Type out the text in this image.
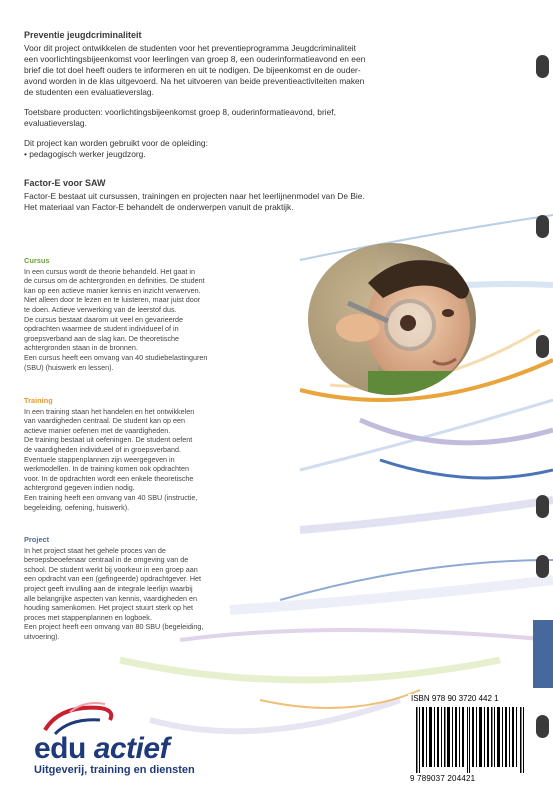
Preventie jeugdcriminaliteit

Voor dit project ontwikkelen de studenten voor het preventieprogramma Jeugdcriminaliteit
een voorlichtingsbijeenkomst voor leerlingen van groep 8, een ouderinformatieavond en een
brief die tot doel heeft ouders te informeren en uit te nodigen. De bijeenkomst en de ouder-
avond worden in de klas uitgevoerd. Na het uitvoeren van beide preventieactiviteiten maken
de studenten een evaluatieverslag.

Toetsbare producten: voorlichtingsbijeenkomst groep 8, ouderinformatieavond, brief,
evaluatieverslag.

Dit project kan worden gebruikt voor de opleiding:
• pedagogisch werker jeugdzorg.
Factor-E voor SAW
Factor-E bestaat uit cursussen, trainingen en projecten naar het leerlijnenmodel van De Bie.
Het materiaal van Factor-E behandelt de onderwerpen vanuit de praktijk.
Cursus
In een cursus wordt de theorie behandeld. Het gaat in
de cursus om de achtergronden en definities. De student
kan op een actieve manier kennis en inzicht verwerven.
Niet alleen door te lezen en te luisteren, maar juist door
te doen. Actieve verwerking van de leerstof dus.
De cursus bestaat daarom uit veel en gevarieerde
opdrachten waarmee de student individueel of in
groepsverband aan de slag kan. De theoretische
achtergronden staan in de bronnen.
Een cursus heeft een omvang van 40 studiebelastinguren
(SBU) (huiswerk en lessen).
Training
In een training staan het handelen en het ontwikkelen
van vaardigheden centraal. De student kan op een
actieve manier oefenen met de vaardigheden.
De training bestaat uit oefeningen. De student oefent
de vaardigheden individueel of in groepsverband.
Eventuele stappenplannen zijn weergegeven in
werkmodellen. In de training komen ook opdrachten
voor. In de opdrachten wordt een enkele theoretische
achtergrond gegeven indien nodig.
Een training heeft een omvang van 40 SBU (instructie,
begeleiding, oefening, huiswerk).
Project
In het project staat het gehele proces van de
beroepsbeoefenaar centraal in de omgeving van de
school. De student werkt bij voorkeur in een groep aan
een opdracht van een (gefingeerde) opdrachtgever. Het
project geeft invulling aan de integrale leerlijn waarbij
alle belangrijke aspecten van kennis, vaardigheden en
houding samenkomen. Het project stuurt sterk op het
proces met stappenplannen en logboek.
Een project heeft een omvang van 80 SBU (begeleiding,
uitvoering).
edu actief
Uitgeverij, training en diensten
ISBN 978 90 3720 442 1
9 789037 204421
